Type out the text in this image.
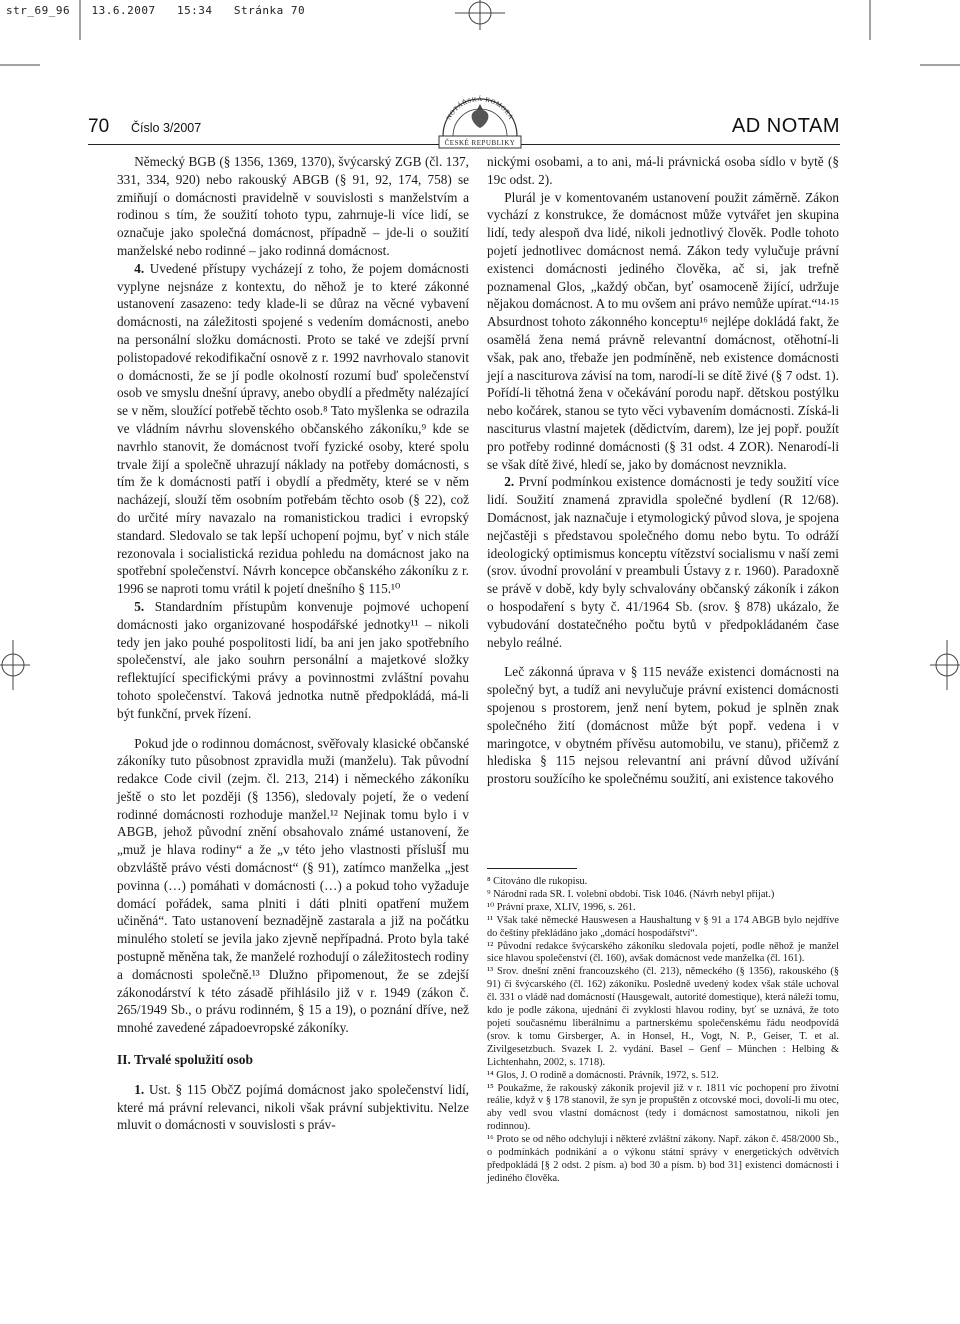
str_69_96   13.6.2007   15:34   Stránka 70
70 Číslo 3/2007	AD NOTAM
NOTÁŘSKÁ KOMORA
ČESKÉ REPUBLIKY

Německý BGB (§ 1356, 1369, 1370), švýcarský ZGB (čl. 137, 331, 334, 920) nebo rakouský ABGB (§ 91, 92, 174, 758) se zmiňují o domácnosti pravidelně v souvislosti s manželstvím a rodinou s tím, že soužití tohoto typu, zahrnuje-li více lidí, se označuje jako společná domácnost, případně – jde-li o soužití manželské nebo rodinné – jako rodinná domácnost.

4. Uvedené přístupy vycházejí z toho, že pojem domácnosti vyplyne nejsnáze z kontextu, do něhož je to které zákonné ustanovení zasazeno: tedy klade-li se důraz na věcné vybavení domácnosti, na záležitosti spojené s vedením domácnosti, anebo na personální složku domácnosti. Proto se také ve zdejší první polistopadové rekodifikační osnově z r. 1992 navrhovalo stanovit o domácnosti, že se jí podle okolností rozumí buď společenství osob ve smyslu dnešní úpravy, anebo obydlí a předměty nalézající se v něm, sloužící potřebě těchto osob.⁸ Tato myšlenka se odrazila ve vládním návrhu slovenského občanského zákoníku,⁹ kde se navrhlo stanovit, že domácnost tvoří fyzické osoby, které spolu trvale žijí a společně uhrazují náklady na potřeby domácnosti, s tím že k domácnosti patří i obydlí a předměty, které se v něm nacházejí, slouží těm osobním potřebám těchto osob (§ 22), což do určité míry navazalo na romanistickou tradici i evropský standard. Sledovalo se tak lepší uchopení pojmu, byť v nich stále rezonovala i socialistická rezidua pohledu na domácnost jako na spotřební společenství. Návrh koncepce občanského zákoníku z r. 1996 se naproti tomu vrátil k pojetí dnešního § 115.¹⁰

5. Standardním přístupům konvenuje pojmové uchopení domácnosti jako organizované hospodářské jednotky¹¹ – nikoli tedy jen jako pouhé pospolitosti lidí, ba ani jen jako spotřebního společenství, ale jako souhrn personální a majetkové složky reflektující specifickými právy a povinnostmi zvláštní povahu tohoto společenství. Taková jednotka nutně předpokládá, má-li být funkční, prvek řízení.

Pokud jde o rodinnou domácnost, svěřovaly klasické občanské zákoníky tuto působnost zpravidla muži (manželu). Tak původní redakce Code civil (zejm. čl. 213, 214) i německého zákoníku ještě o sto let později (§ 1356), sledovaly pojetí, že o vedení rodinné domácnosti rozhoduje manžel.¹² Nejinak tomu bylo i v ABGB, jehož původní znění obsahovalo známé ustanovení, že „muž je hlava rodiny“ a že „v této jeho vlastnosti příslušÍ mu obzvláště právo vésti domácnost“ (§ 91), zatímco manželka „jest povinna (…) pomáhati v domácnosti (…) a pokud toho vyžaduje domácí pořádek, sama plniti i dáti plniti opatření mužem učiněná“. Tato ustanovení beznadějně zastarala a již na počátku minulého století se jevila jako zjevně nepřípadná. Proto byla také postupně měněna tak, že manželé rozhodují o záležitostech rodiny a domácnosti společně.¹³ Dlužno připomenout, že se zdejší zákonodárství k této zásadě přihlásilo již v r. 1949 (zákon č. 265/1949 Sb., o právu rodinném, § 15 a 19), o poznání dříve, než mnohé zavedené západoevropské zákoníky.

II. Trvalé spolužití osob

1. Ust. § 115 ObčZ pojímá domácnost jako společenství lidí, které má právní relevanci, nikoli však právní subjektivitu. Nelze mluvit o domácnosti v souvislosti s práv-

nickými osobami, a to ani, má-li právnická osoba sídlo v bytě (§ 19c odst. 2).

Plurál je v komentovaném ustanovení použit záměrně. Zákon vychází z konstrukce, že domácnost může vytvářet jen skupina lidí, tedy alespoň dva lidé, nikoli jednotlivý člověk. Podle tohoto pojetí jednotlivec domácnost nemá. Zákon tedy vylučuje právní existenci domácnosti jediného člověka, ač si, jak trefně poznamenal Glos, „každý občan, byť osamoceně žijící, udržuje nějakou domácnost. A to mu ovšem ani právo nemůže upírat.“¹⁴·¹⁵ Absurdnost tohoto zákonného konceptu¹⁶ nejlépe dokládá fakt, že osamělá žena nemá právně relevantní domácnost, otěhotní-li však, pak ano, třebaže jen podmíněně, neb existence domácnosti její a nasciturova závisí na tom, narodí-li se dítě živé (§ 7 odst. 1). Pořídí-li těhotná žena v očekávání porodu např. dětskou postýlku nebo kočárek, stanou se tyto věci vybavením domácnosti. Získá-li nasciturus vlastní majetek (dědictvím, darem), lze jej popř. použít pro potřeby rodinné domácnosti (§ 31 odst. 4 ZOR). Nenarodí-li se však dítě živé, hledí se, jako by domácnost nevznikla.

2. První podmínkou existence domácnosti je tedy soužití více lidí. Soužití znamená zpravidla společné bydlení (R 12/68). Domácnost, jak naznačuje i etymologický původ slova, je spojena nejčastěji s představou společného domu nebo bytu. To odráží ideologický optimismus konceptu vítězství socialismu v naší zemi (srov. úvodní provolání v preambuli Ústavy z r. 1960). Paradoxně se právě v době, kdy byly schvalovány občanský zákoník i zákon o hospodaření s byty č. 41/1964 Sb. (srov. § 878) ukázalo, že vybudování dostatečného počtu bytů v předpokládaném čase nebylo reálné.

Leč zákonná úprava v § 115 neváže existenci domácnosti na společný byt, a tudíž ani nevylučuje právní existenci domácnosti spojenou s prostorem, jenž není bytem, pokud je splněn znak společného žití (domácnost může být popř. vedena i v maringotce, v obytném přívěsu automobilu, ve stanu), přičemž z hlediska § 115 nejsou relevantní ani právní důvod užívání prostoru soužícího ke společnému soužití, ani existence takového

⁸ Citováno dle rukopisu.

⁹ Národní rada SR. I. volební období. Tisk 1046. (Návrh nebyl přijat.)

¹⁰ Právní praxe, XLIV, 1996, s. 261.

¹¹ Však také německé Hauswesen a Haushaltung v § 91 a 174 ABGB bylo nejdříve do češtiny překládáno jako „domácí hospodářství“.

¹² Původní redakce švýcarského zákoníku sledovala pojetí, podle něhož je manžel sice hlavou společenství (čl. 160), avšak domácnost vede manželka (čl. 161).

¹³ Srov. dnešní znění francouzského (čl. 213), německého (§ 1356), rakouského (§ 91) či švýcarského (čl. 162) zákoníku. Posledně uvedený kodex však stále uchoval čl. 331 o vládě nad domácností (Hausgewalt, autorité domestique), která náleží tomu, kdo je podle zákona, ujednání či zvyklosti hlavou rodiny, byť se uznává, že toto pojetí současnému liberálnímu a partnerskému společenskému řádu neodpovídá (srov. k tomu Girsberger, A. in Honsel, H., Vogt, N. P., Geiser, T. et al. Zivilgesetzbuch. Svazek I. 2. vydání. Basel – Genf – München : Helbing & Lichtenhahn, 2002, s. 1718).

¹⁴ Glos, J. O rodině a domácnosti. Právník, 1972, s. 512.

¹⁵ Poukažme, že rakouský zákoník projevil již v r. 1811 víc pochopení pro životní reálie, když v § 178 stanovil, že syn je propuštěn z otcovské moci, dovolí-li mu otec, aby vedl svou vlastní domácnost (tedy i domácnost samostatnou, nikoli jen rodinnou).

¹⁶ Proto se od něho odchylují i některé zvláštní zákony. Např. zákon č. 458/2000 Sb., o podmínkách podnikání a o výkonu státní správy v energetických odvětvích předpokládá [§ 2 odst. 2 písm. a) bod 30 a písm. b) bod 31] existenci domácnosti i jediného člověka.
